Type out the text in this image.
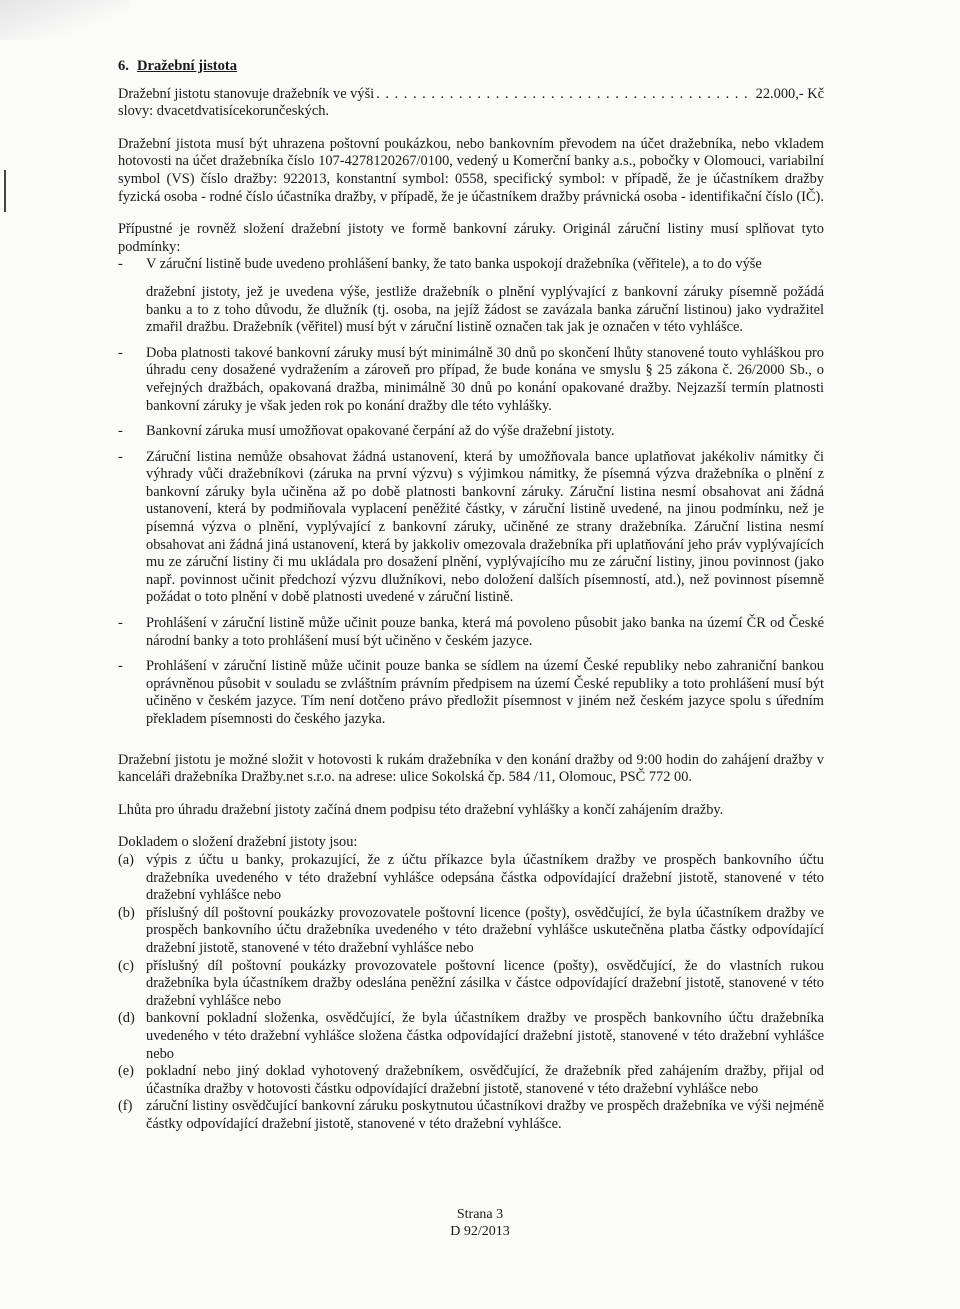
6. Dražební jistota
Dražební jistotu stanovuje dražebník ve výši
. . .	22.000,- Kč

slovy: dvacetdvatisícekorunčeských.

Dražební jistota musí být uhrazena poštovní poukázkou, nebo bankovním převodem na účet dražebníka, nebo vkladem hotovosti na účet dražebníka číslo 107-4278120267/0100, vedený u Komerční banky a.s., pobočky v Olomouci, variabilní symbol (VS) číslo dražby: 922013, konstantní symbol: 0558, specifický symbol: v případě, že je účastníkem dražby fyzická osoba - rodné číslo účastníka dražby, v případě, že je účastníkem dražby právnická osoba - identifikační číslo (IČ).

Přípustné je rovněž složení dražební jistoty ve formě bankovní záruky. Originál záruční listiny musí splňovat tyto podmínky:

- V záruční listině bude uvedeno prohlášení banky, že tato banka uspokojí dražebníka (věřitele), a to do výše
dražební jistoty, jež je uvedena výše, jestliže dražebník o plnění vyplývající z bankovní záruky písemně požádá banku a to z toho důvodu, že dlužník (tj. osoba, na jejíž žádost se zavázala banka záruční listinou) jako vydražitel zmařil dražbu. Dražebník (věřitel) musí být v záruční listině označen tak jak je označen v této vyhlášce.
- Doba platnosti takové bankovní záruky musí být minimálně 30 dnů po skončení lhůty stanovené touto vyhláškou pro úhradu ceny dosažené vydražením a zároveň pro případ, že bude konána ve smyslu § 25 zákona č. 26/2000 Sb., o veřejných dražbách, opakovaná dražba, minimálně 30 dnů po konání opakované dražby. Nejzazší termín platnosti bankovní záruky je však jeden rok po konání dražby dle této vyhlášky.
- Bankovní záruka musí umožňovat opakované čerpání až do výše dražební jistoty.
- Záruční listina nemůže obsahovat žádná ustanovení, která by umožňovala bance uplatňovat jakékoliv námitky či výhrady vůči dražebníkovi (záruka na první výzvu) s výjimkou námitky, že písemná výzva dražebníka o plnění z bankovní záruky byla učiněna až po době platnosti bankovní záruky. Záruční listina nesmí obsahovat ani žádná ustanovení, která by podmiňovala vyplacení peněžité částky, v záruční listině uvedené, na jinou podmínku, než je písemná výzva o plnění, vyplývající z bankovní záruky, učiněné ze strany dražebníka. Záruční listina nesmí obsahovat ani žádná jiná ustanovení, která by jakkoliv omezovala dražebníka při uplatňování jeho práv vyplývajících mu ze záruční listiny či mu ukládala pro dosažení plnění, vyplývajícího mu ze záruční listiny, jinou povinnost (jako např. povinnost učinit předchozí výzvu dlužníkovi, nebo doložení dalších písemností, atd.), než povinnost písemně požádat o toto plnění v době platnosti uvedené v záruční listině.
- Prohlášení v záruční listině může učinit pouze banka, která má povoleno působit jako banka na území ČR od České národní banky a toto prohlášení musí být učiněno v českém jazyce.
- Prohlášení v záruční listině může učinit pouze banka se sídlem na území České republiky nebo zahraniční bankou oprávněnou působit v souladu se zvláštním právním předpisem na území České republiky a toto prohlášení musí být učiněno v českém jazyce. Tím není dotčeno právo předložit písemnost v jiném než českém jazyce spolu s úředním překladem písemnosti do českého jazyka.

Dražební jistotu je možné složit v hotovosti k rukám dražebníka v den konání dražby od 9:00 hodin do zahájení dražby v kanceláři dražebníka Dražby.net s.r.o. na adrese: ulice Sokolská čp. 584 /11, Olomouc, PSČ 772 00.

Lhůta pro úhradu dražební jistoty začíná dnem podpisu této dražební vyhlášky a končí zahájením dražby.

Dokladem o složení dražební jistoty jsou:

(a) výpis z účtu u banky, prokazující, že z účtu příkazce byla účastníkem dražby ve prospěch bankovního účtu dražebníka uvedeného v této dražební vyhlášce odepsána částka odpovídající dražební jistotě, stanovené v této dražební vyhlášce nebo
(b) příslušný díl poštovní poukázky provozovatele poštovní licence (pošty), osvědčující, že byla účastníkem dražby ve prospěch bankovního účtu dražebníka uvedeného v této dražební vyhlášce uskutečněna platba částky odpovídající dražební jistotě, stanovené v této dražební vyhlášce nebo
(c) příslušný díl poštovní poukázky provozovatele poštovní licence (pošty), osvědčující, že do vlastních rukou dražebníka byla účastníkem dražby odeslána peněžní zásilka v částce odpovídající dražební jistotě, stanovené v této dražební vyhlášce nebo
(d) bankovní pokladní složenka, osvědčující, že byla účastníkem dražby ve prospěch bankovního účtu dražebníka uvedeného v této dražební vyhlášce složena částka odpovídající dražební jistotě, stanovené v této dražební vyhlášce nebo
(e) pokladní nebo jiný doklad vyhotovený dražebníkem, osvědčující, že dražebník před zahájením dražby, přijal od účastníka dražby v hotovosti částku odpovídající dražební jistotě, stanovené v této dražební vyhlášce nebo
(f) záruční listiny osvědčující bankovní záruku poskytnutou účastníkovi dražby ve prospěch dražebníka ve výši nejméně částky odpovídající dražební jistotě, stanovené v této dražební vyhlášce.
Strana 3
D 92/2013
